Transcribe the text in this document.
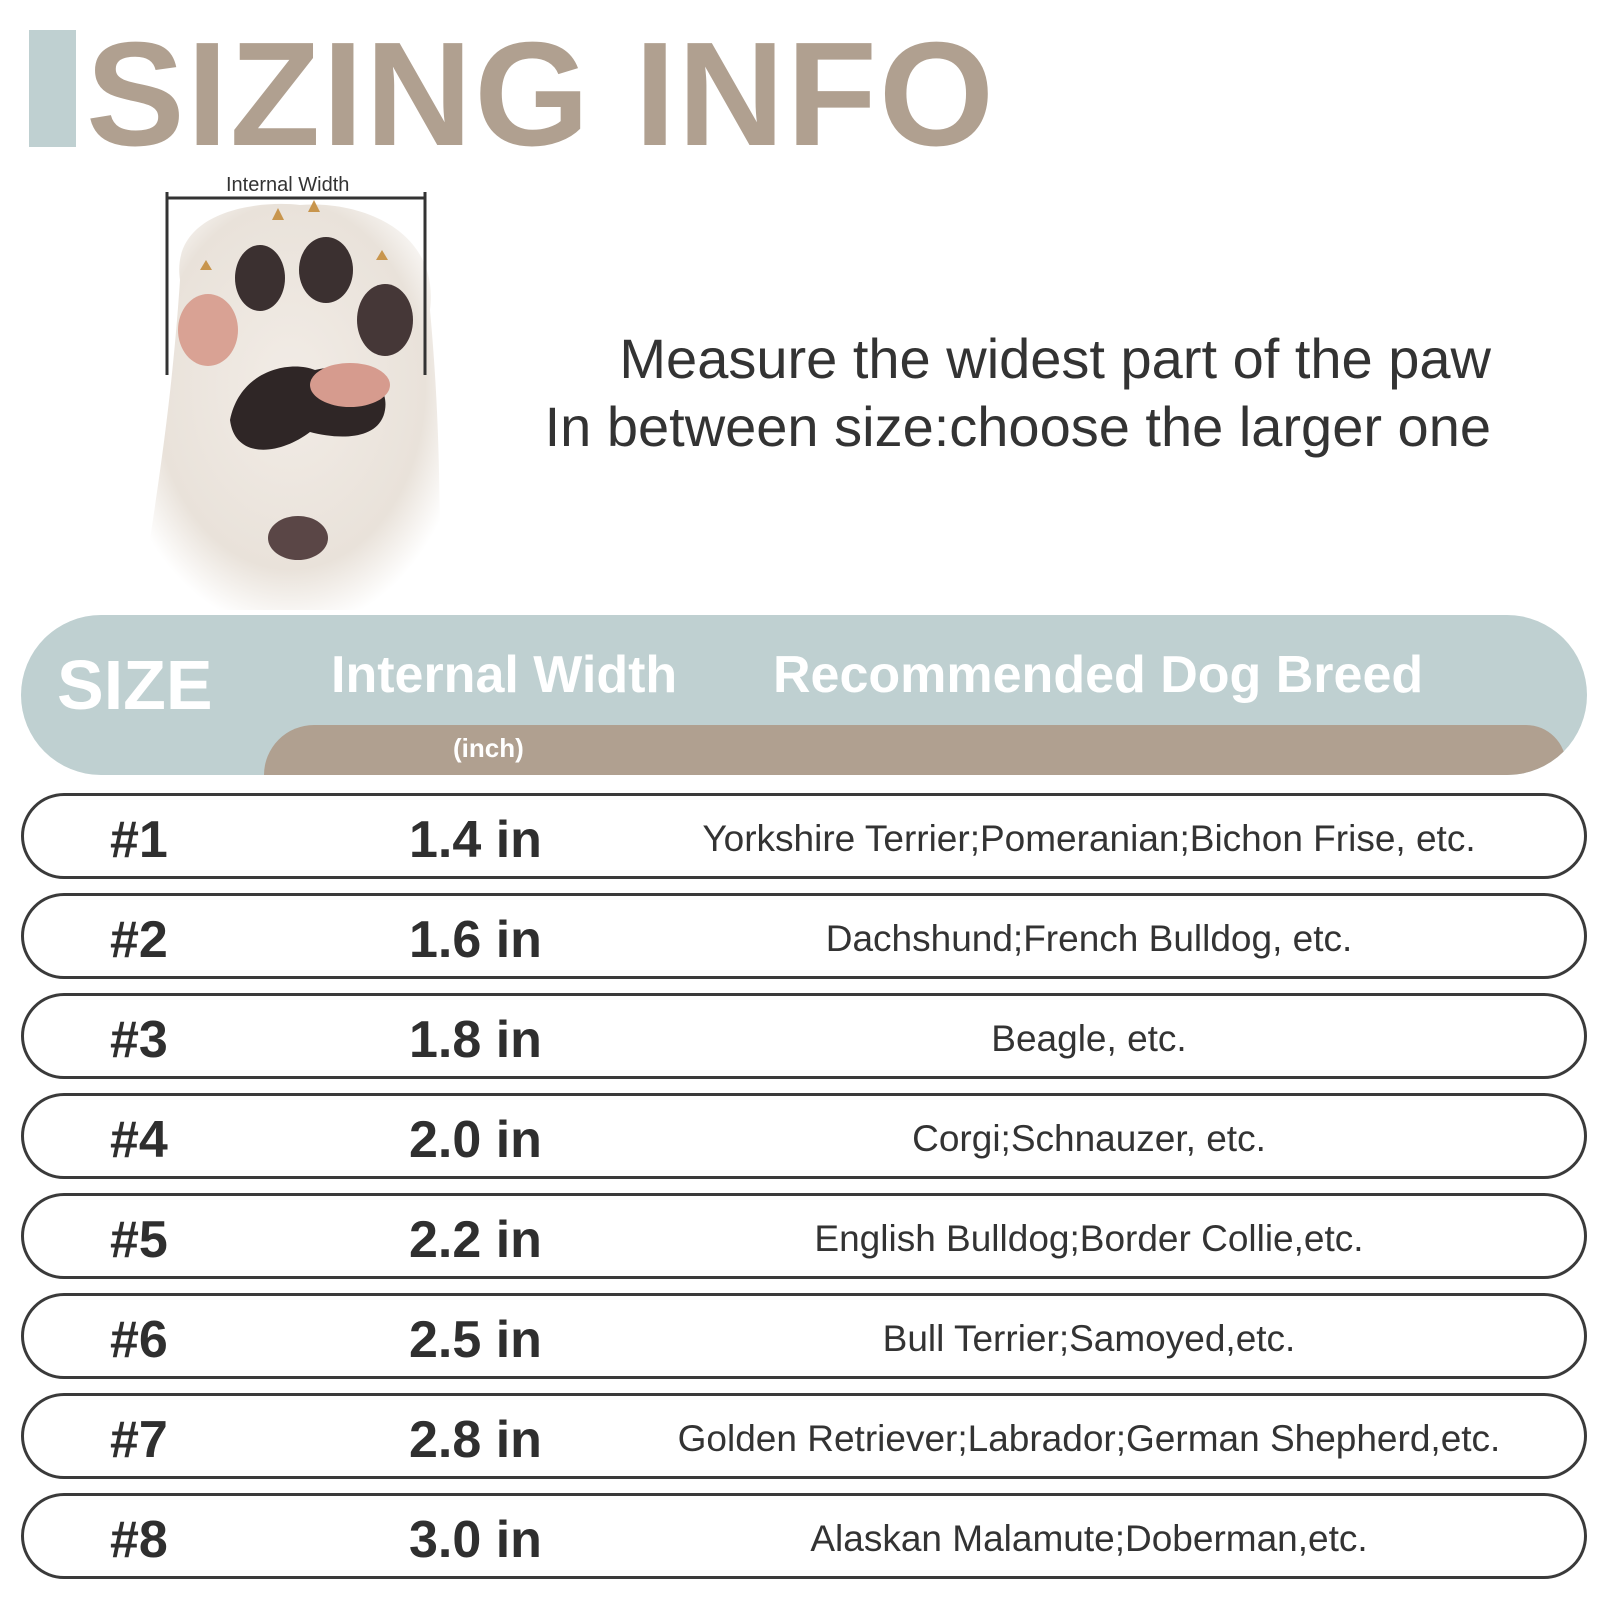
SIZING INFO
Internal Width
Measure the widest part of the paw
In between size:choose the larger one
SIZE Internal Width Recommended Dog Breed
(inch)
#1	1.4 in	Yorkshire Terrier;Pomeranian;Bichon Frise, etc.
#2	1.6 in	Dachshund;French Bulldog, etc.
#3	1.8 in	Beagle, etc.
#4	2.0 in	Corgi;Schnauzer, etc.
#5	2.2 in	English Bulldog;Border Collie,etc.
#6	2.5 in	Bull Terrier;Samoyed,etc.
#7	2.8 in	Golden Retriever;Labrador;German Shepherd,etc.
#8	3.0 in	Alaskan Malamute;Doberman,etc.
